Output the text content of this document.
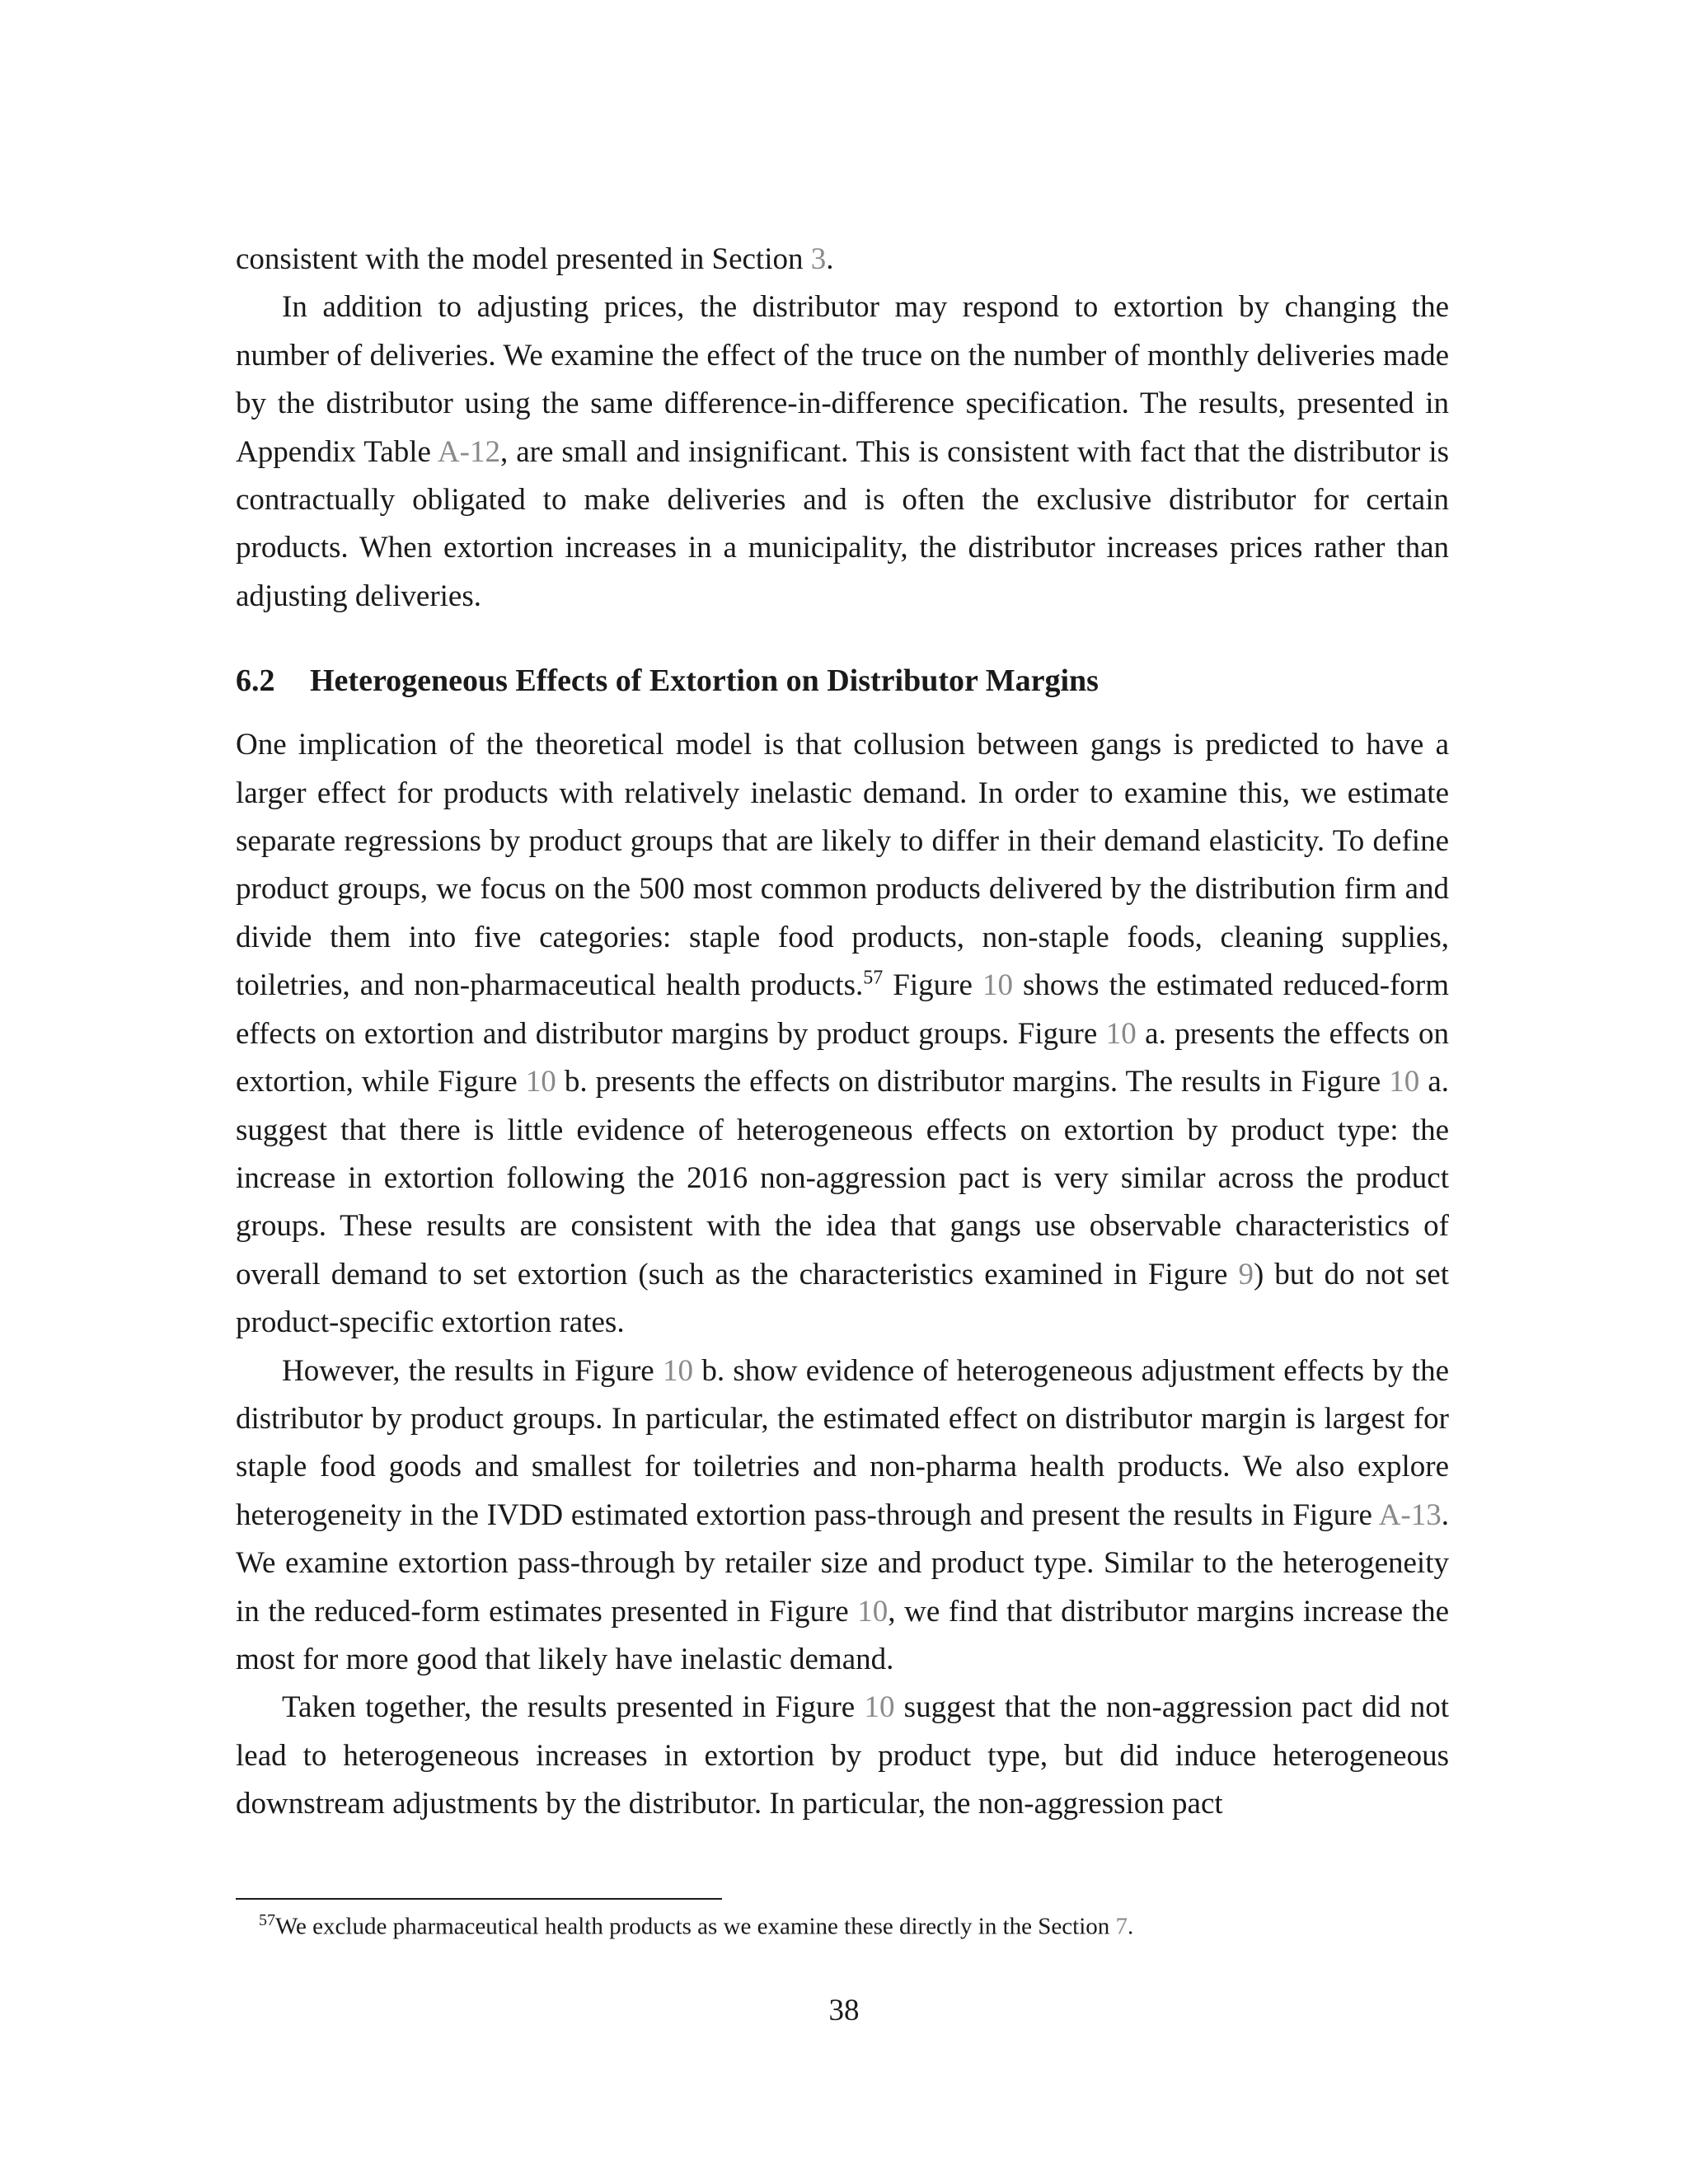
consistent with the model presented in Section 3.

In addition to adjusting prices, the distributor may respond to extortion by changing the number of deliveries. We examine the effect of the truce on the number of monthly deliveries made by the distributor using the same difference-in-difference specification. The results, presented in Appendix Table A-12, are small and insignificant. This is consistent with fact that the distributor is contractually obligated to make deliveries and is often the exclusive distributor for certain products. When extortion increases in a municipality, the distributor increases prices rather than adjusting deliveries.

6.2 Heterogeneous Effects of Extortion on Distributor Margins

One implication of the theoretical model is that collusion between gangs is predicted to have a larger effect for products with relatively inelastic demand. In order to examine this, we estimate separate regressions by product groups that are likely to differ in their demand elasticity. To define product groups, we focus on the 500 most common products delivered by the distribution firm and divide them into five categories: staple food products, non-staple foods, cleaning supplies, toiletries, and non-pharmaceutical health products.$^{57}$ Figure 10 shows the estimated reduced-form effects on extortion and distributor margins by product groups. Figure 10 a. presents the effects on extortion, while Figure 10 b. presents the effects on distributor margins. The results in Figure 10 a. suggest that there is little evidence of heterogeneous effects on extortion by product type: the increase in extortion following the 2016 non-aggression pact is very similar across the product groups. These results are consistent with the idea that gangs use observable characteristics of overall demand to set extortion (such as the characteristics examined in Figure 9) but do not set product-specific extortion rates.

However, the results in Figure 10 b. show evidence of heterogeneous adjustment effects by the distributor by product groups. In particular, the estimated effect on distributor margin is largest for staple food goods and smallest for toiletries and non-pharma health products. We also explore heterogeneity in the IVDD estimated extortion pass-through and present the results in Figure A-13. We examine extortion pass-through by retailer size and product type. Similar to the heterogeneity in the reduced-form estimates presented in Figure 10, we find that distributor margins increase the most for more good that likely have inelastic demand.

Taken together, the results presented in Figure 10 suggest that the non-aggression pact did not lead to heterogeneous increases in extortion by product type, but did induce heterogeneous downstream adjustments by the distributor. In particular, the non-aggression pact

$^{57}$We exclude pharmaceutical health products as we examine these directly in the Section 7.
38
